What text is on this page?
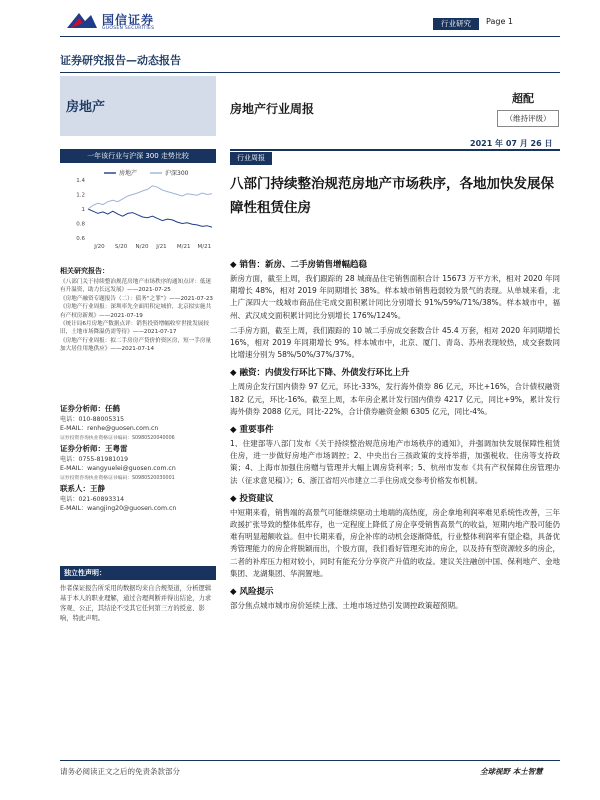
国信证券
GUOSEN SECURITIES
行业研究	Page 1
证券研究报告—动态报告
房地产	房地产行业周报
超配
（维持评级）
2021 年 07 月 26 日
一年该行业与沪深 300 走势比较
房地产	沪深300
1.4
1.2
1
0.8
0.6
J/20 S/20 N/20 J/21 M/21 M/21
行业周报
八部门持续整治规范房地产市场秩序，各地加快发展保障性租赁住房
相关研究报告：
《八部门关于持续整治规范房地产市场秩序的通知点评：低迷有升温资，助力长远发展》——2021-07-25
《房地产融资专题报告（二）：债务“之罪”》——2021-07-23
《房地产行业周报：深圳率先全面用积定城价，北京拟实施共有产权房新规》——2021-07-19
《统计局6月房地产数据点评：销售投资增幅收窄世批发展较旧，土地市场降温仍需等待》——2021-07-17
《房地产行业周报：拟二手房房产贷价价资区房，短一手房量加大居住用地供应》——2021-07-14
证券分析师：任鹤
电话：010-88005315
E-MAIL：renhe@guosen.com.cn
证券投资咨询执业资格证书编码：S0980520040006
证券分析师：王粤雷
电话：0755-81981019
E-MAIL：wangyuelei@guosen.com.cn
证券投资咨询执业资格证书编码：S0980520030001
联系人：王静
电话：021-60893314
E-MAIL：wangjing20@guosen.com.cn
独立性声明：
作者保证报告所采用的数据均来自合规渠道，分析逻辑基于本人的职业理解，通过合理判断并得出结论，力求客观、公正，其结论不受其它任何第三方的授意、影响，特此声明。
◆ 销售：新房、二手房销售增幅趋稳
新房方面，截至上周，我们跟踪的 28 城商品住宅销售面积合计 15673 万平方米，相对 2020 年同期增长 48%，相对 2019 年同期增长 38%。样本城市销售趋弱较为景气的表现。从单城来看，北上广深四大一线城市商品住宅成交面积累计同比分别增长 91%/59%/71%/38%。样本城市中，福州、武汉成交面积累计同比分别增长 176%/124%。
二手房方面，截至上周，我们跟踪的 10 城二手房成交套数合计 45.4 万套，相对 2020 年同期增长 16%，相对 2019 年同期增长 9%。样本城市中，北京、厦门、青岛、苏州表现较热，成交套数同比增速分别为 58%/50%/37%/37%。
◆ 融资：内债发行环比下降、外债发行环比上升
上周房企发行国内债券 97 亿元，环比-33%，发行海外债券 86 亿元，环比+16%，合计债权融资 182 亿元，环比-16%。截至上周，本年房企累计发行国内债券 4217 亿元，同比+9%，累计发行海外债券 2088 亿元，同比-22%，合计债券融资金额 6305 亿元，同比-4%。
◆ 重要事件
1、住建部等八部门发布《关于持续整治规范房地产市场秩序的通知》，并强调加快发展保障性租赁住房，进一步做好房地产市场调控；2、中央出台三孩政策的支持举措，加强税收、住房等支持政策；4、上海市加强住房赠与管理并大幅上调房贷利率；5、杭州市发布《共有产权保障住房管理办法（征求意见稿）》；6、浙江省绍兴市建立二手住房成交参考价格发布机制。
◆ 投资建议
中短期来看，销售端的高景气可能继续驱动土地端的高热度，房企拿地利润率难见系统性改善，三年政援扩张导致的整体低库存，也一定程度上降低了房企享受销售高景气的收益，短期内地产股可能仍难有明显超额收益。但中长期来看，房企补库的动机会逐渐降低，行业整体利润率有望企稳，具备优秀管理能力的房企将脱颖而出，个股方面，我们看好管理充沛的房企，以及持有型资源较多的房企，二者的补库压力相对较小，同时有能充分分享资产升值的收益。建议关注融创中国、保利地产、金地集团、龙湖集团、华润置地。
◆ 风险提示
部分焦点城市城市房价延续上涨、土地市场过热引发调控政策超预期。
请务必阅读正文之后的免责条款部分	全球视野 本土智慧
